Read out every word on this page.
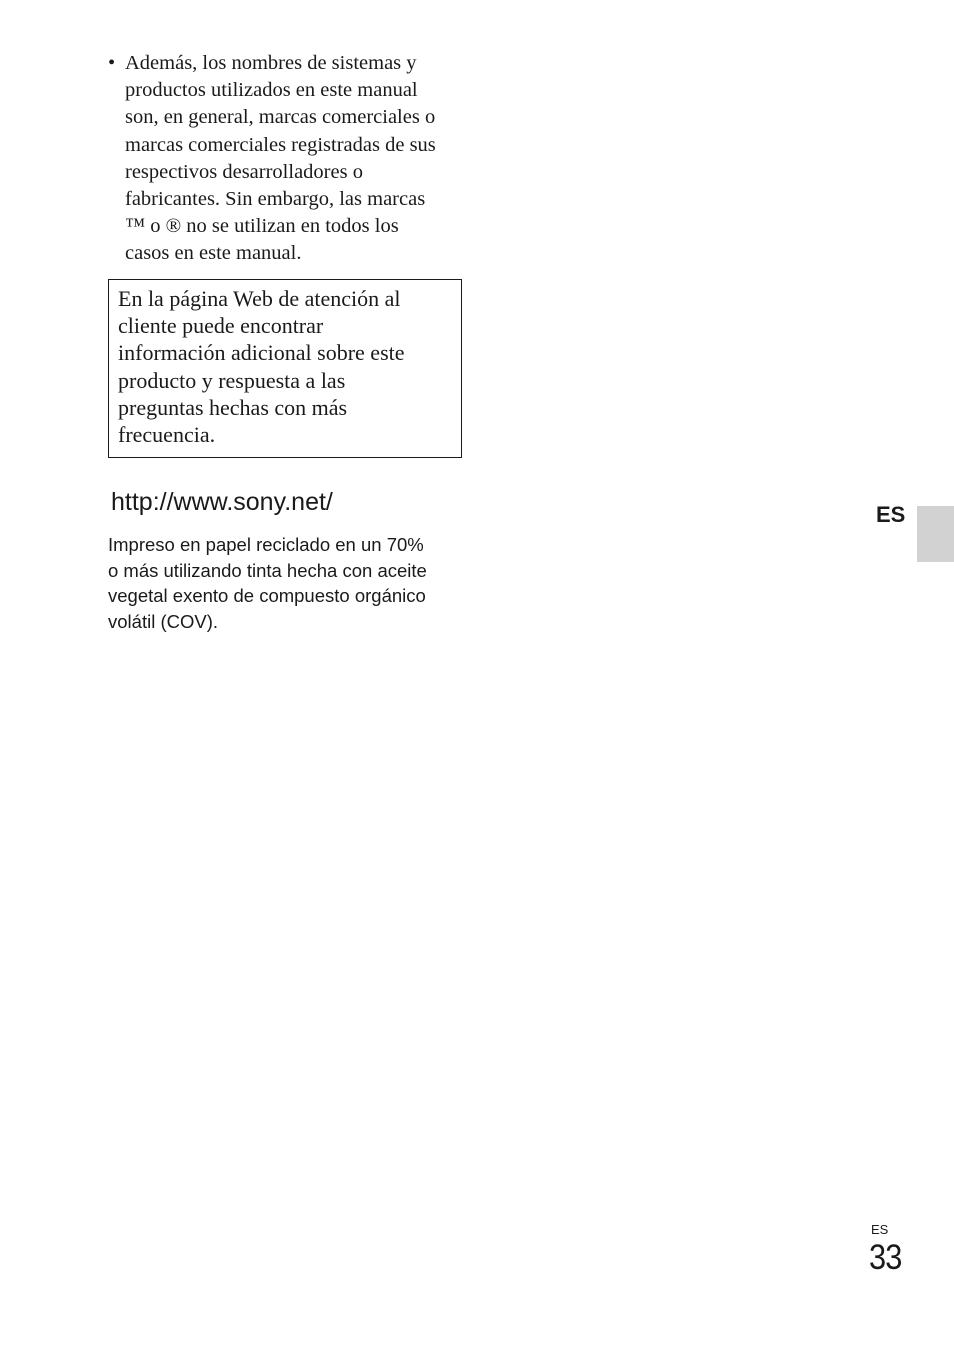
• Además, los nombres de sistemas y
productos utilizados en este manual
son, en general, marcas comerciales o
marcas comerciales registradas de sus
respectivos desarrolladores o
fabricantes. Sin embargo, las marcas
™ o ® no se utilizan en todos los
casos en este manual.
En la página Web de atención al
cliente puede encontrar
información adicional sobre este
producto y respuesta a las
preguntas hechas con más
frecuencia.
http://www.sony.net/
Impreso en papel reciclado en un 70%
o más utilizando tinta hecha con aceite
vegetal exento de compuesto orgánico
volátil (COV).
ES
ES
33
